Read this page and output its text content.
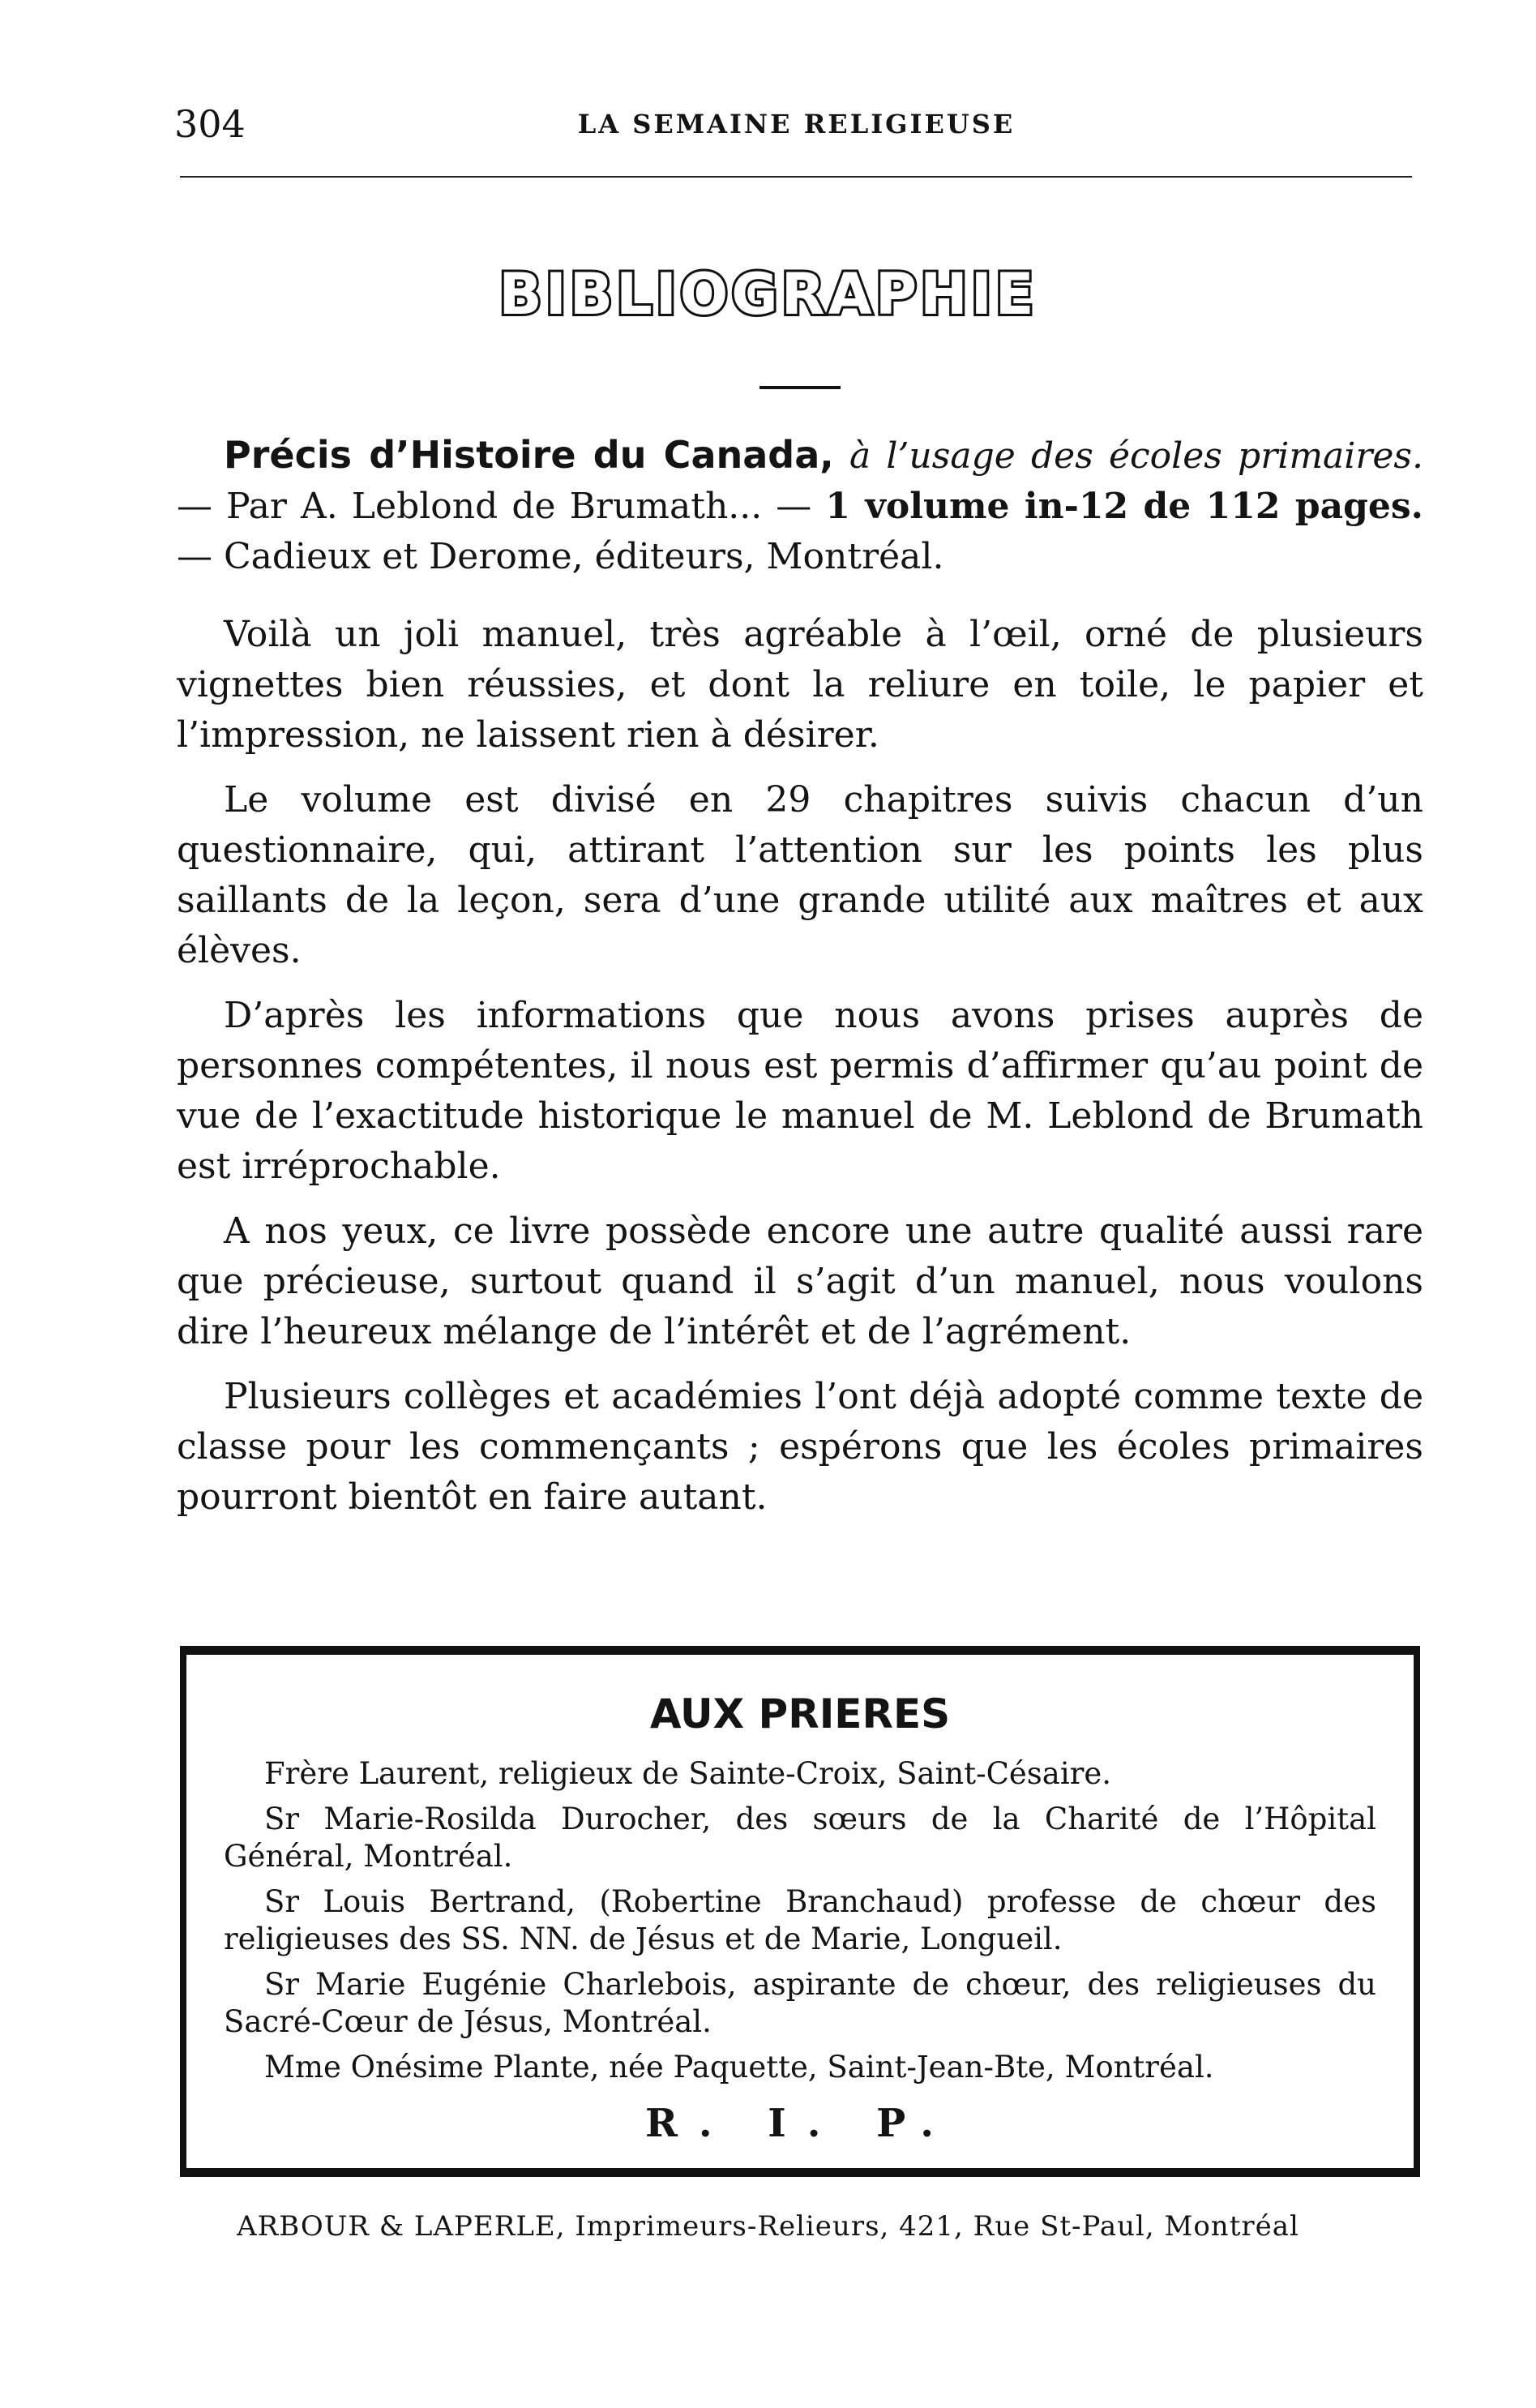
304	LA SEMAINE RELIGIEUSE
BIBLIOGRAPHIE

Précis d’Histoire du Canada, à l’usage des écoles primaires. — Par A. Leblond de Brumath... — 1 volume in-12 de 112 pages. — Cadieux et Derome, éditeurs, Montréal.

Voilà un joli manuel, très agréable à l’œil, orné de plusieurs vignettes bien réussies, et dont la reliure en toile, le papier et l’impression, ne laissent rien à désirer.

Le volume est divisé en 29 chapitres suivis chacun d’un questionnaire, qui, attirant l’attention sur les points les plus saillants de la leçon, sera d’une grande utilité aux maîtres et aux élèves.

D’après les informations que nous avons prises auprès de personnes compétentes, il nous est permis d’affirmer qu’au point de vue de l’exactitude historique le manuel de M. Leblond de Brumath est irréprochable.

A nos yeux, ce livre possède encore une autre qualité aussi rare que précieuse, surtout quand il s’agit d’un manuel, nous voulons dire l’heureux mélange de l’intérêt et de l’agrément.

Plusieurs collèges et académies l’ont déjà adopté comme texte de classe pour les commençants ; espérons que les écoles primaires pourront bientôt en faire autant.

AUX PRIERES

Frère Laurent, religieux de Sainte-Croix, Saint-Césaire.

Sr Marie-Rosilda Durocher, des sœurs de la Charité de l’Hôpital Général, Montréal.

Sr Louis Bertrand, (Robertine Branchaud) professe de chœur des religieuses des SS. NN. de Jésus et de Marie, Longueil.

Sr Marie Eugénie Charlebois, aspirante de chœur, des religieuses du Sacré-Cœur de Jésus, Montréal.

Mme Onésime Plante, née Paquette, Saint-Jean-Bte, Montréal.

R. I. P.
ARBOUR & LAPERLE, Imprimeurs-Relieurs, 421, Rue St-Paul, Montréal
